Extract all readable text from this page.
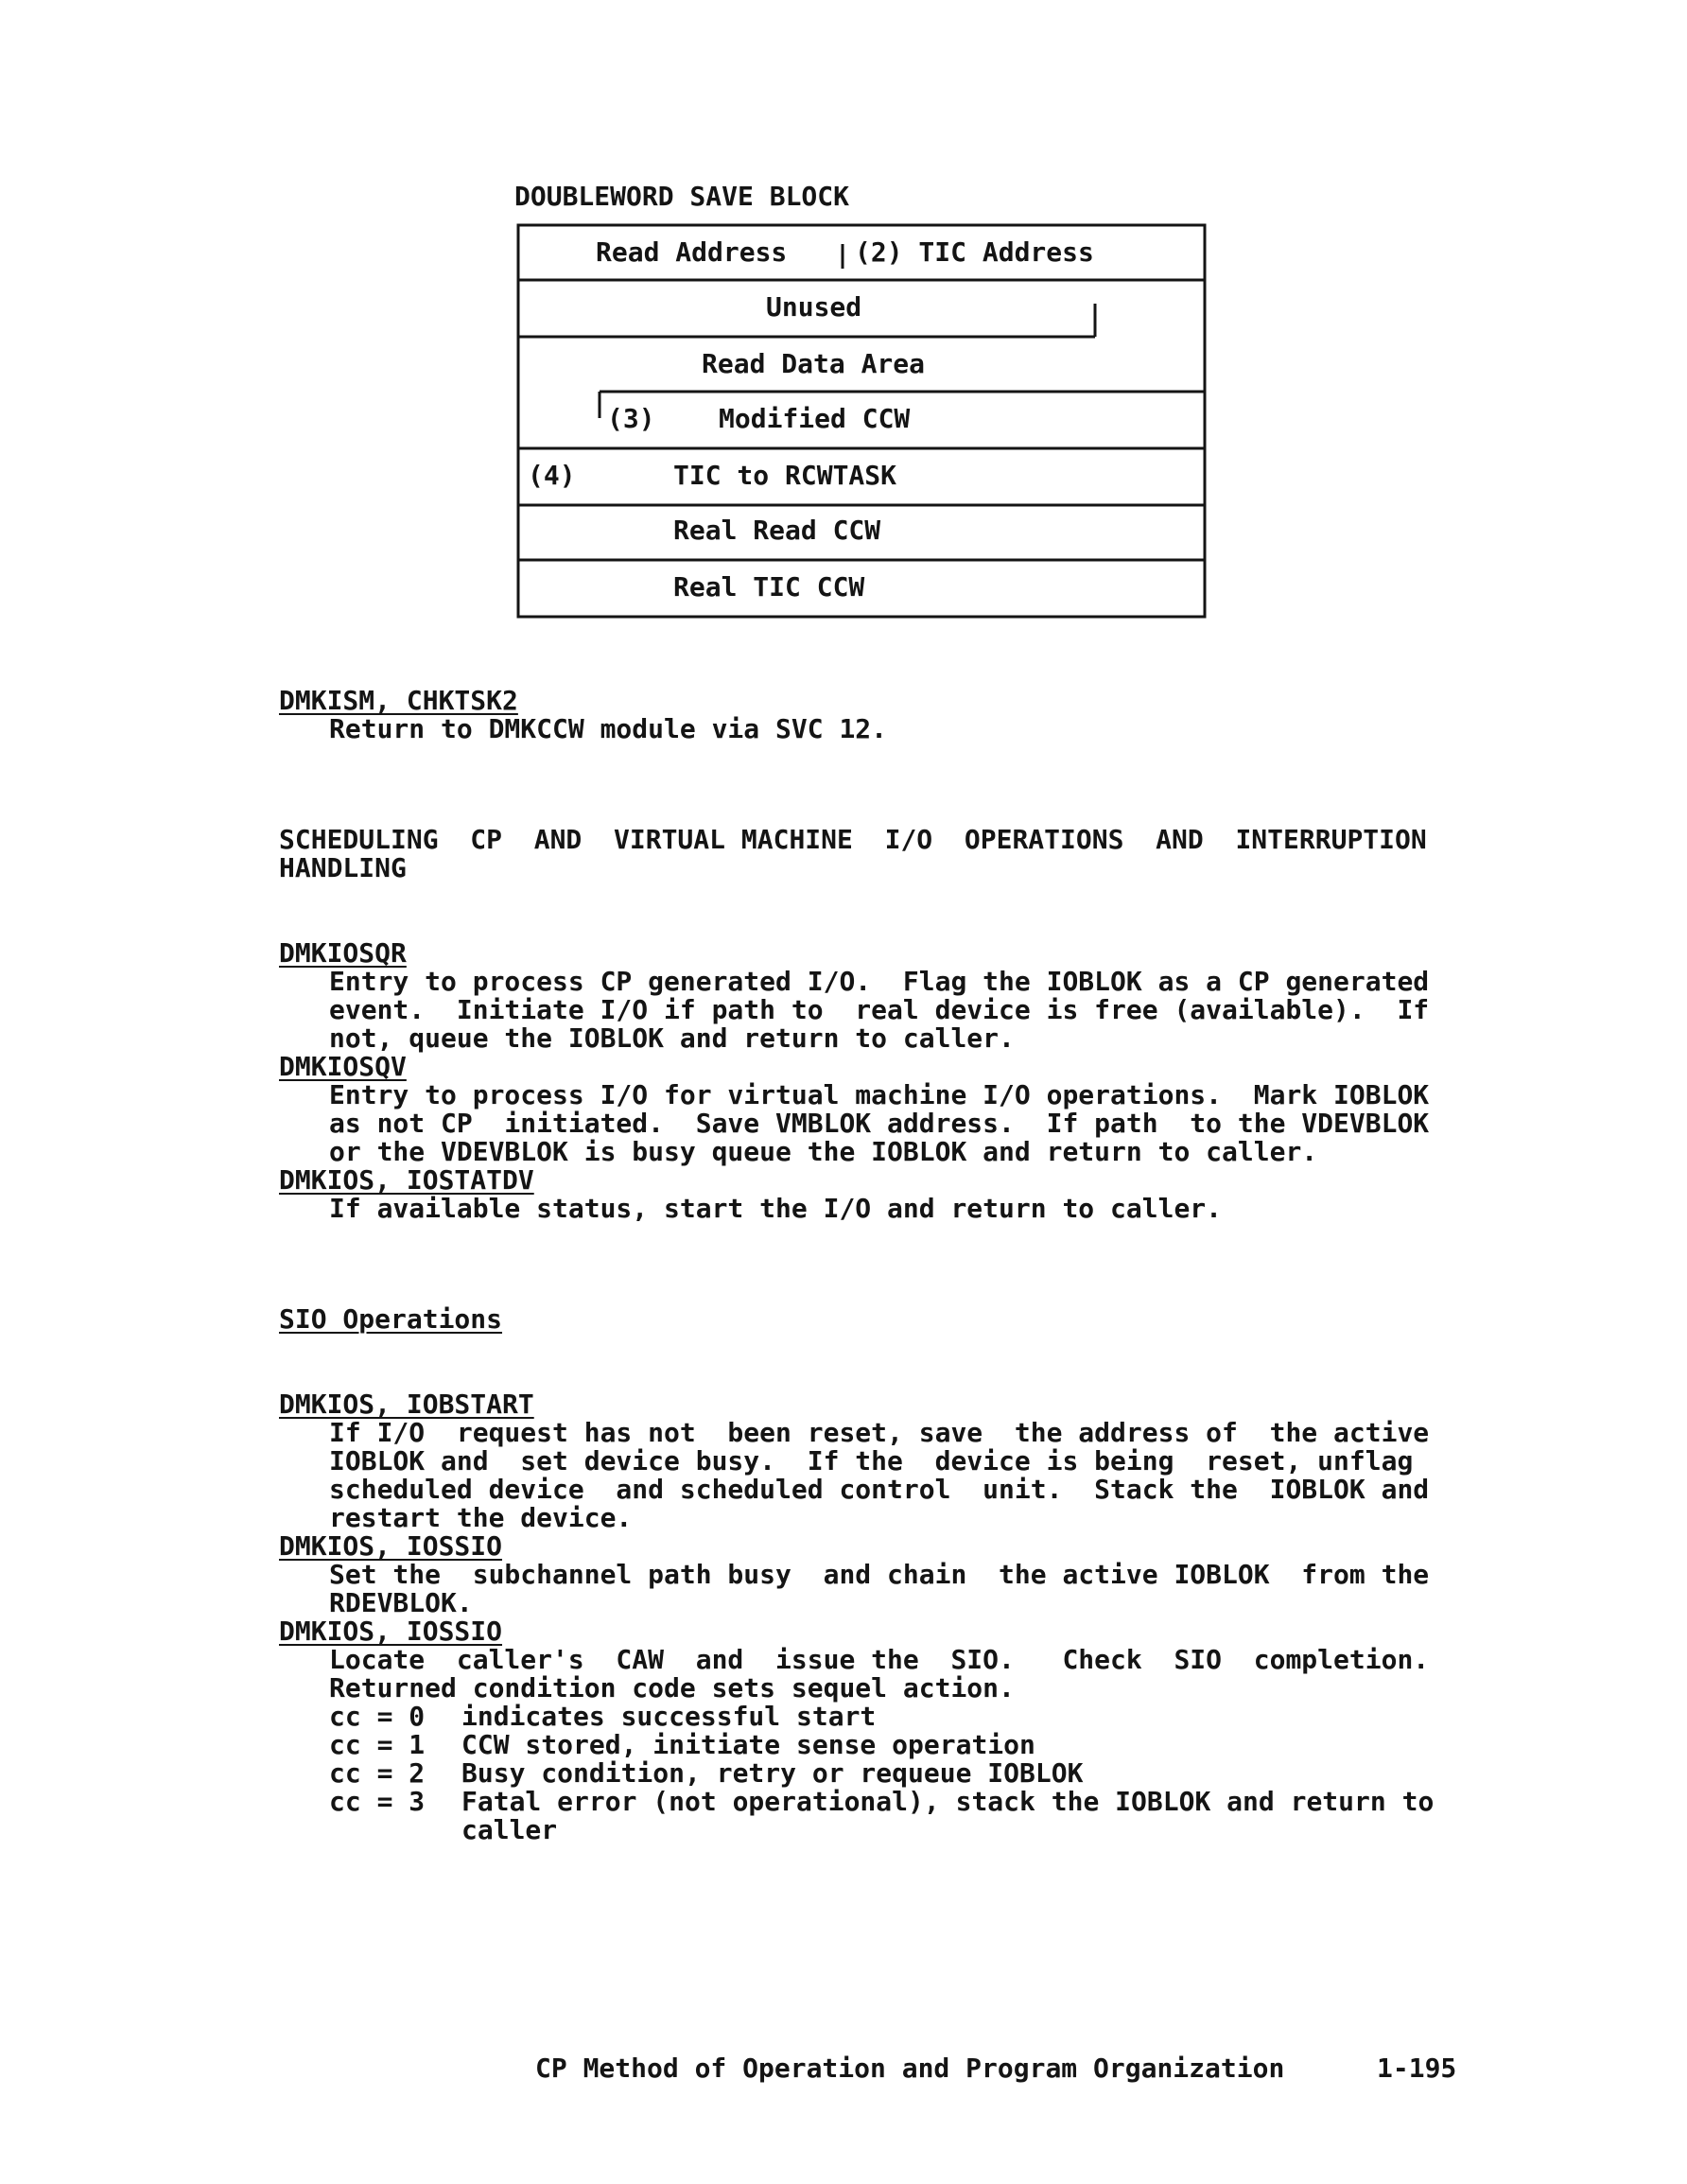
DOUBLEWORD SAVE BLOCK
Read Address	(2) TIC Address
Unused
Read Data Area
(3)    Modified CCW
(4)	TIC to RCWTASK
Real Read CCW
Real TIC CCW
DMKISM, CHKTSK2
Return to DMKCCW module via SVC 12.
SCHEDULING  CP  AND  VIRTUAL MACHINE  I/O  OPERATIONS  AND  INTERRUPTION
HANDLING
DMKIOSQR
Entry to process CP generated I/O.  Flag the IOBLOK as a CP generated
event.  Initiate I/O if path to  real device is free (available).  If
not, queue the IOBLOK and return to caller.
DMKIOSQV
Entry to process I/O for virtual machine I/O operations.  Mark IOBLOK
as not CP  initiated.  Save VMBLOK address.  If path  to the VDEVBLOK
or the VDEVBLOK is busy queue the IOBLOK and return to caller.
DMKIOS, IOSTATDV
If available status, start the I/O and return to caller.
SIO Operations
DMKIOS, IOBSTART
If I/O  request has not  been reset, save  the address of  the active
IOBLOK and  set device busy.  If the  device is being  reset, unflag
scheduled device  and scheduled control  unit.  Stack the  IOBLOK and
restart the device.
DMKIOS, IOSSIO
Set the  subchannel path busy  and chain  the active IOBLOK  from the
RDEVBLOK.
DMKIOS, IOSSIO
Locate  caller's  CAW  and  issue the  SIO.   Check  SIO  completion.
Returned condition code sets sequel action.
cc = 0 indicates successful start
cc = 1 CCW stored, initiate sense operation
cc = 2 Busy condition, retry or requeue IOBLOK
cc = 3 Fatal error (not operational), stack the IOBLOK and return to
caller
CP Method of Operation and Program Organization	1-195
